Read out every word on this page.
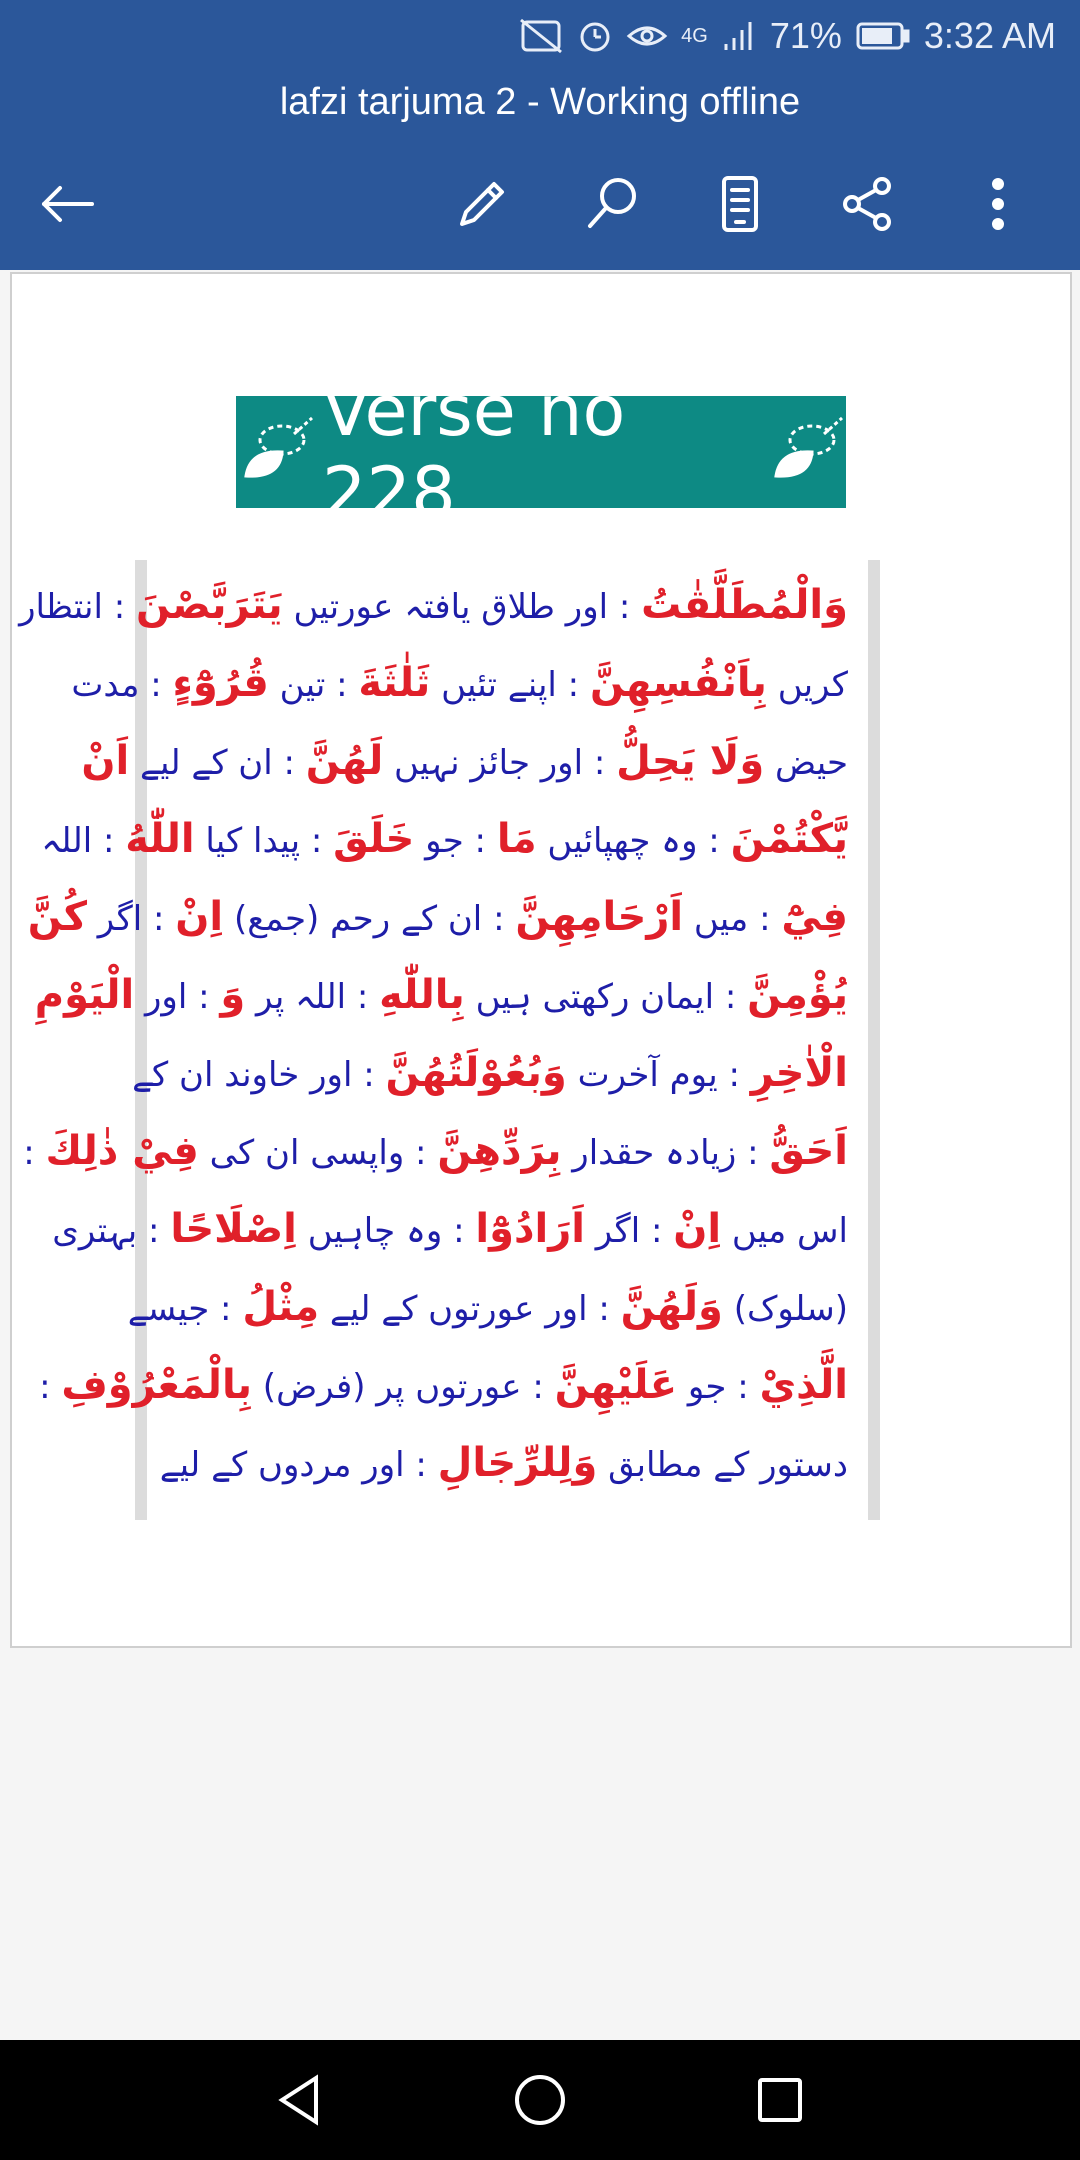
4G 71% 3:32 AM
lafzi tarjuma 2 - Working offline
Verse no 228
وَالْمُطَلَّقٰتُ : اور طلاق یافتہ عورتیں يَتَرَبَّصْنَ : انتظار
کریں بِاَنْفُسِهِنَّ : اپنے تئیں ثَلٰثَةَ : تین قُرُوْٓءٍ : مدت
حیض وَلَا يَحِلُّ : اور جائز نہیں لَهُنَّ : ان کے لیے اَنْ
يَّكْتُمْنَ : وہ چھپائیں مَا : جو خَلَقَ : پیدا کیا اللّٰهُ : اللہ
فِيْٓ : میں اَرْحَامِهِنَّ : ان کے رحم (جمع) اِنْ : اگر كُنَّ
يُؤْمِنَّ : ایمان رکھتی ہیں بِاللّٰهِ : اللہ پر وَ : اور الْيَوْمِ
الْاٰخِرِ : یوم آخرت وَبُعُوْلَتُهُنَّ : اور خاوند ان کے
اَحَقُّ : زیادہ حقدار بِرَدِّهِنَّ : واپسی ان کی فِيْ ذٰلِكَ :
اس میں اِنْ : اگر اَرَادُوْٓا : وہ چاہیں اِصْلَاحًا : بہتری
(سلوک) وَلَهُنَّ : اور عورتوں کے لیے مِثْلُ : جیسے
الَّذِيْ : جو عَلَيْهِنَّ : عورتوں پر (فرض) بِالْمَعْرُوْفِ :
دستور کے مطابق وَلِلرِّجَالِ : اور مردوں کے لیے
